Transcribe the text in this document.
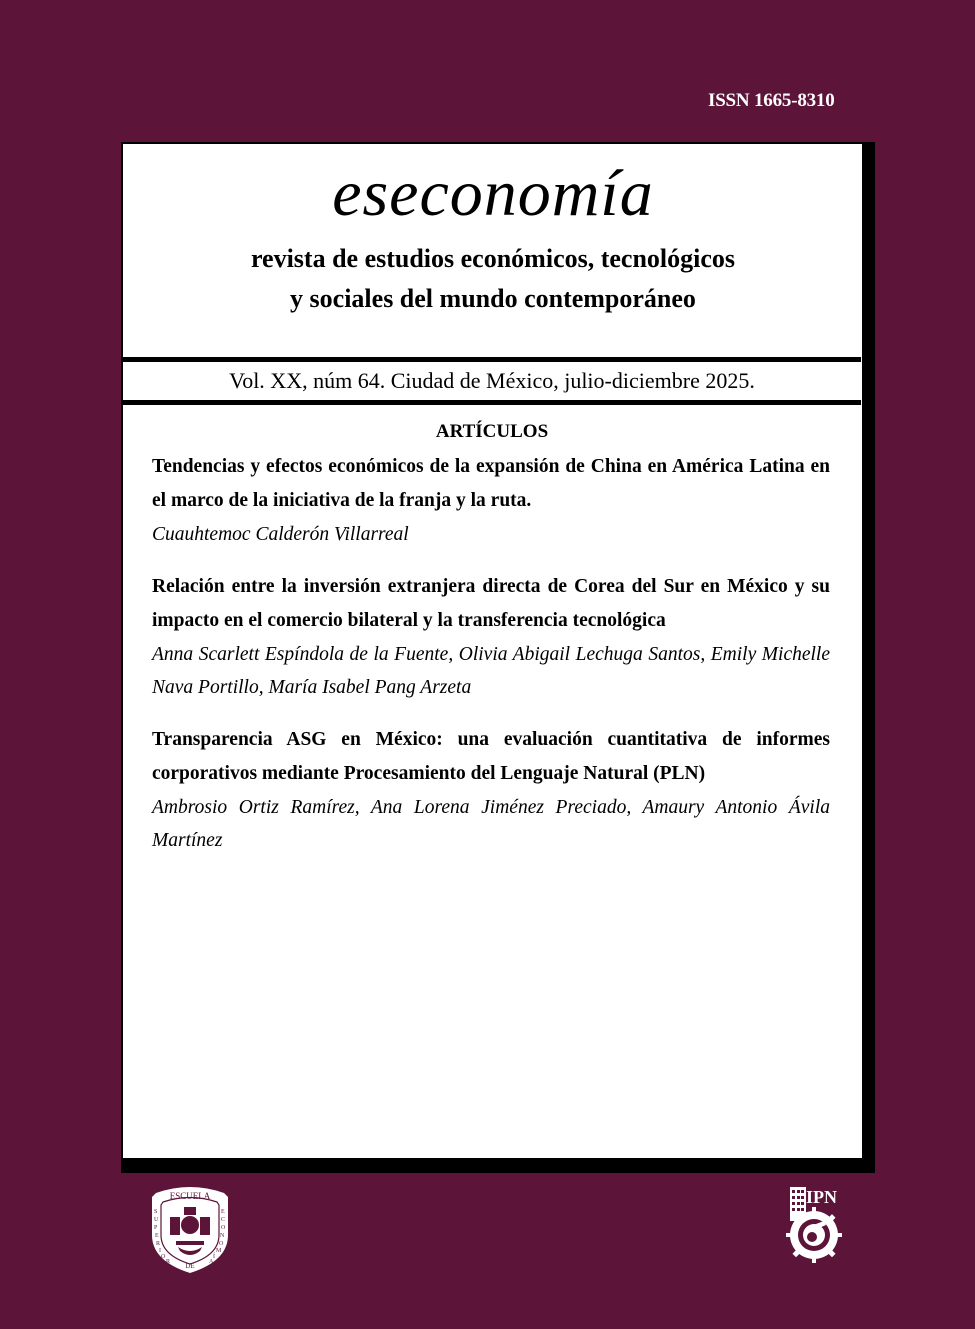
ISSN 1665-8310
eseconomía
revista de estudios económicos, tecnológicos
y sociales del mundo contemporáneo
Vol. XX, núm 64. Ciudad de México, julio-diciembre 2025.
ARTÍCULOS
Tendencias y efectos económicos de la expansión de China en América Latina en el marco de la iniciativa de la franja y la ruta.
Cuauhtemoc Calderón Villarreal
Relación entre la inversión extranjera directa de Corea del Sur en México y su impacto en el comercio bilateral y la transferencia tecnológica
Anna Scarlett Espíndola de la Fuente, Olivia Abigail Lechuga Santos, Emily Michelle Nava Portillo, María Isabel Pang Arzeta
Transparencia ASG en México: una evaluación cuantitativa de informes corporativos mediante Procesamiento del Lenguaje Natural (PLN)
Ambrosio Ortiz Ramírez, Ana Lorena Jiménez Preciado, Amaury Antonio Ávila Martínez
ESCUELA
DE
S
U
P
E
R
I
O
R
E
C
O
N
O
M
Í
A
IPN
